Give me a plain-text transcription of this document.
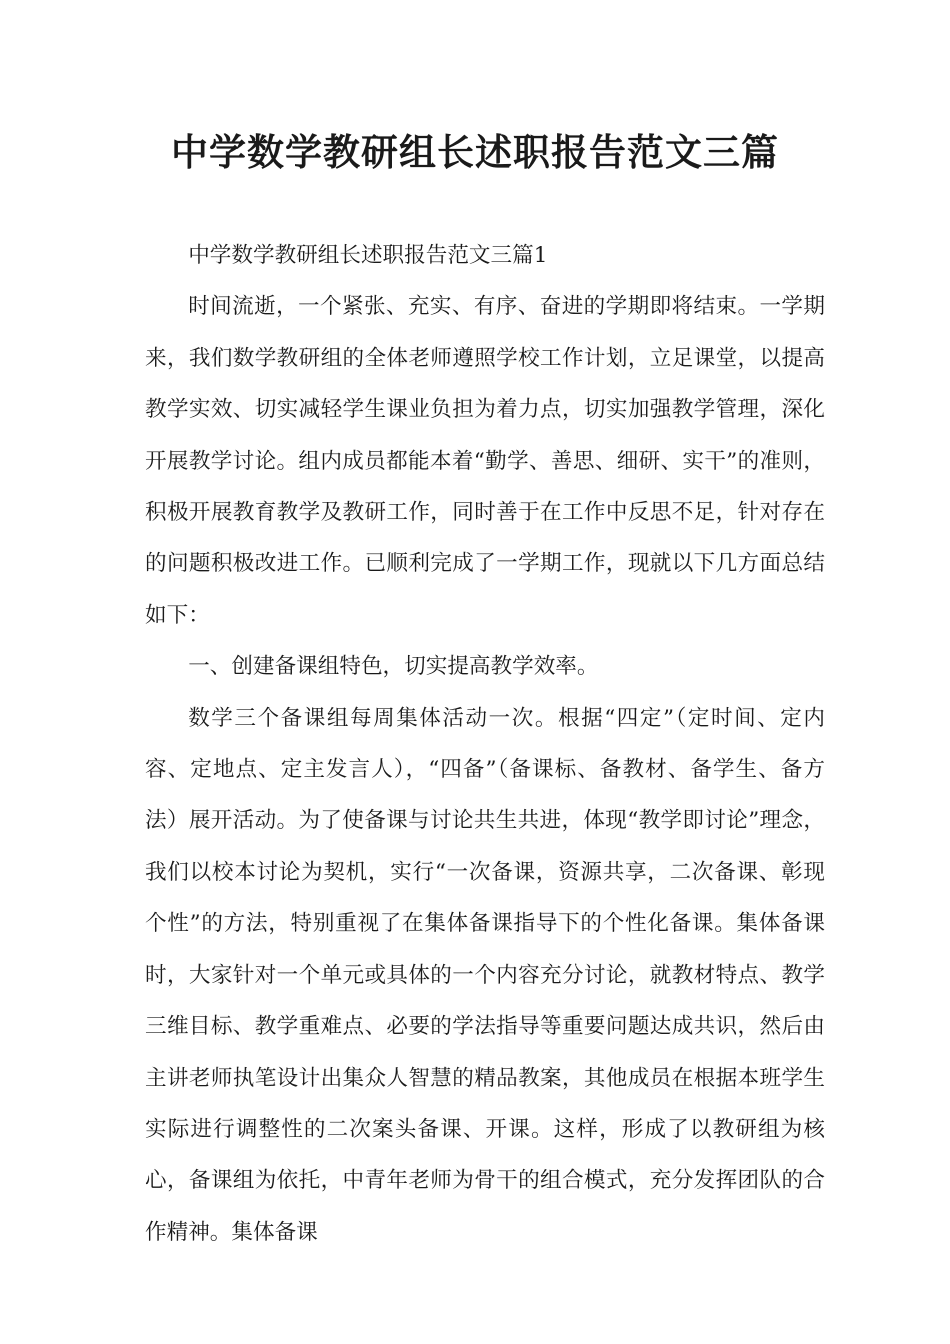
中学数学教研组长述职报告范文三篇

中学数学教研组长述职报告范文三篇1

时间流逝，一个紧张、充实、有序、奋进的学期即将结束。一学期来，我们数学教研组的全体老师遵照学校工作计划，立足课堂，以提高教学实效、切实减轻学生课业负担为着力点，切实加强教学管理，深化开展教学讨论。组内成员都能本着“勤学、善思、细研、实干”的准则，积极开展教育教学及教研工作，同时善于在工作中反思不足，针对存在的问题积极改进工作。已顺利完成了一学期工作，现就以下几方面总结如下：

一、创建备课组特色，切实提高教学效率。

数学三个备课组每周集体活动一次。根据“四定”（定时间、定内容、定地点、定主发言人），“四备”（备课标、备教材、备学生、备方法）展开活动。为了使备课与讨论共生共进，体现“教学即讨论”理念，我们以校本讨论为契机，实行“一次备课，资源共享，二次备课、彰现个性”的方法，特别重视了在集体备课指导下的个性化备课。集体备课时，大家针对一个单元或具体的一个内容充分讨论，就教材特点、教学三维目标、教学重难点、必要的学法指导等重要问题达成共识，然后由主讲老师执笔设计出集众人智慧的精品教案，其他成员在根据本班学生实际进行调整性的二次案头备课、开课。这样，形成了以教研组为核心，备课组为依托，中青年老师为骨干的组合模式，充分发挥团队的合作精神。集体备课
